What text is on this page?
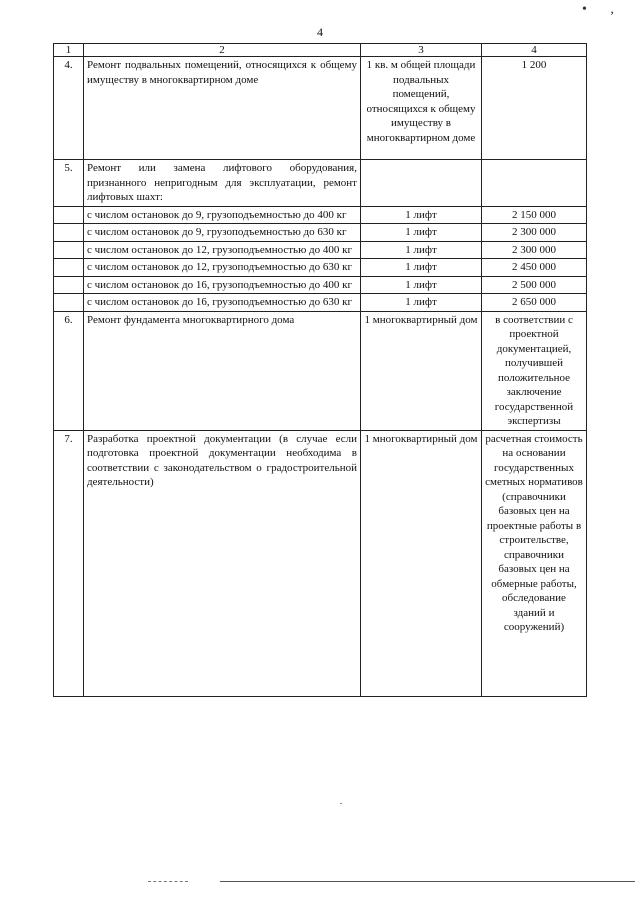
4
• ,
1	2	3	4
4.	Ремонт подвальных помещений, относящихся к общему имуществу в многоквартирном доме	1 кв. м общей площади подвальных помещений, относящихся к общему имуществу в многоквартирном доме	1 200
5.	Ремонт или замена лифтового оборудования, признанного непригодным для эксплуатации, ремонт лифтовых шахт:		
	с числом остановок до 9, грузоподъемностью до 400 кг	1 лифт	2 150 000
	с числом остановок до 9, грузоподъемностью до 630 кг	1 лифт	2 300 000
	с числом остановок до 12, грузоподъемностью до 400 кг	1 лифт	2 300 000
	с числом остановок до 12, грузоподъемностью до 630 кг	1 лифт	2 450 000
	с числом остановок до 16, грузоподъемностью до 400 кг	1 лифт	2 500 000
	с числом остановок до 16, грузоподъемностью до 630 кг	1 лифт	2 650 000
6.	Ремонт фундамента многоквартирного дома	1 многоквартирный дом	в соответствии с проектной документацией, получившей положительное заключение государственной экспертизы
7.	Разработка проектной документации (в случае если подготовка проектной документации необходима в соответствии с законодательством о градостроительной деятельности)	1 многоквартирный дом	расчетная стоимость на основании государственных сметных нормативов (справочники базовых цен на проектные работы в строительстве, справочники базовых цен на обмерные работы, обследование зданий и сооружений)
